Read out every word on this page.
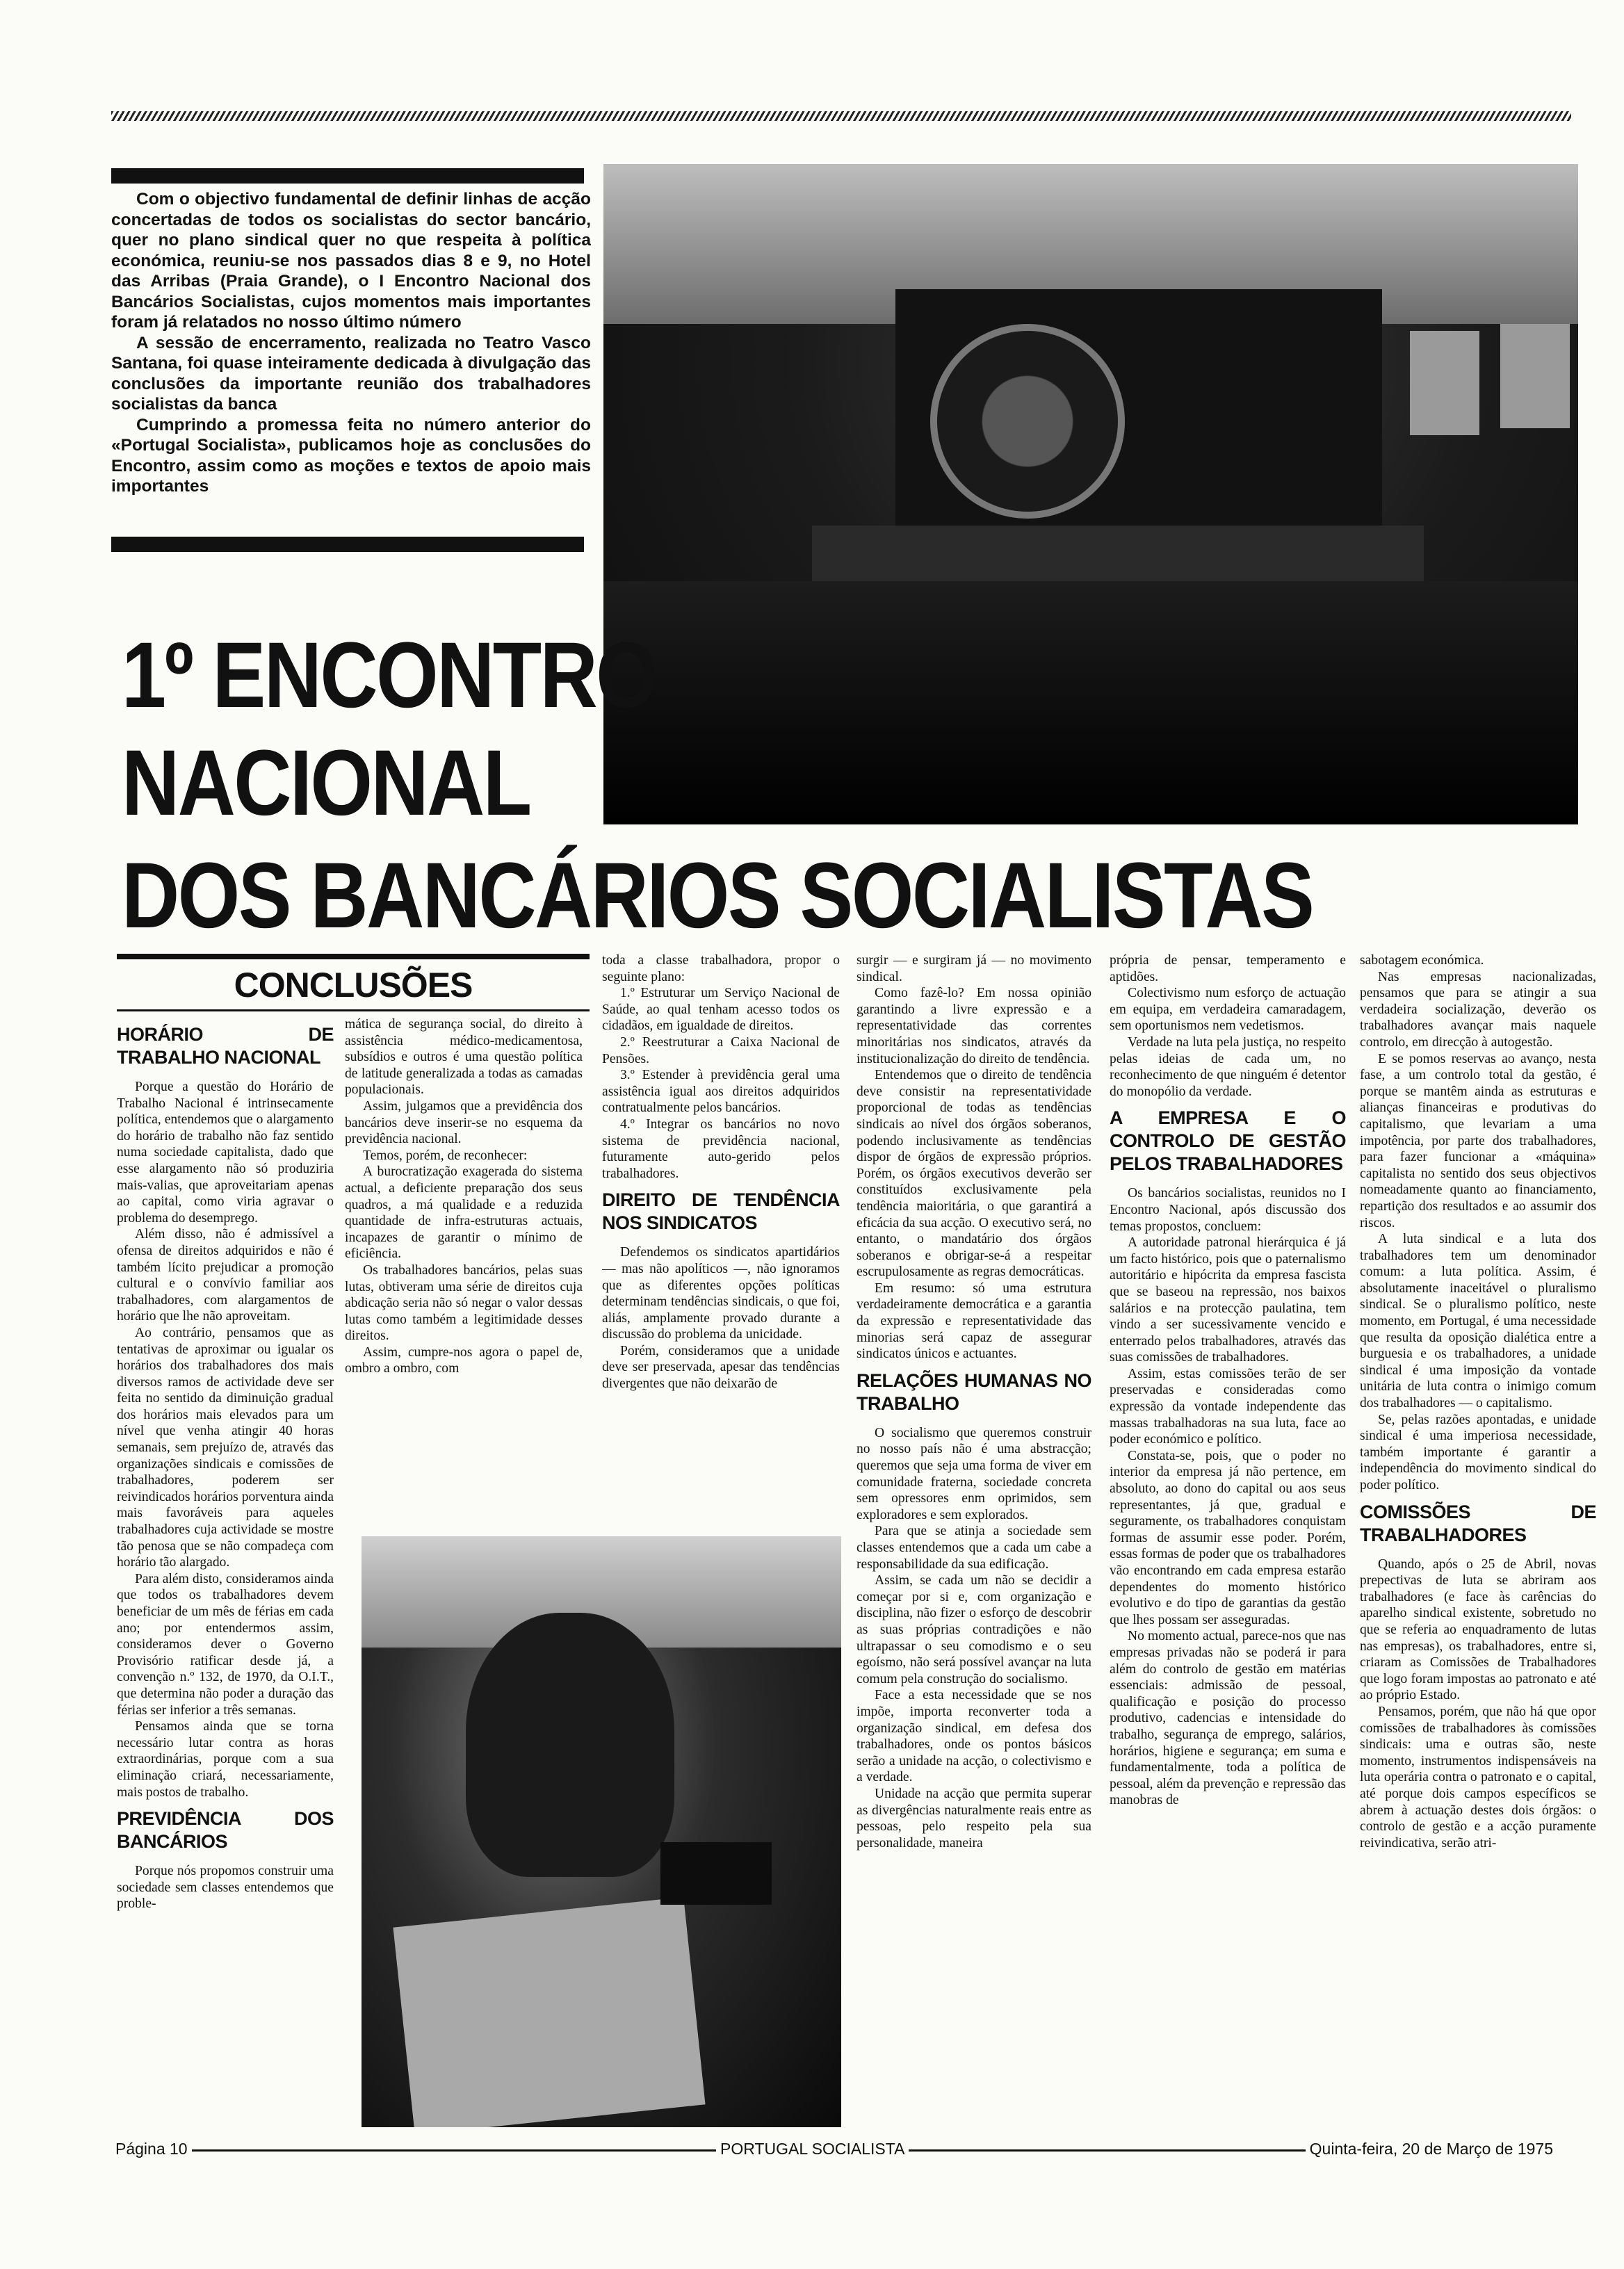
Com o objectivo fundamental de definir linhas de acção concertadas de todos os socialistas do sector bancário, quer no plano sindical quer no que respeita à política económica, reuniu-se nos passados dias 8 e 9, no Hotel das Arribas (Praia Grande), o I Encontro Nacional dos Bancários Socialistas, cujos momentos mais importantes foram já relatados no nosso último número

A sessão de encerramento, realizada no Teatro Vasco Santana, foi quase inteiramente dedicada à divulgação das conclusões da importante reunião dos trabalhadores socialistas da banca

Cumprindo a promessa feita no número anterior do «Portugal Socialista», publicamos hoje as conclusões do Encontro, assim como as moções e textos de apoio mais importantes

1º ENCONTRO
NACIONAL
DOS BANCÁRIOS SOCIALISTAS
CONCLUSÕES
HORÁRIO DE TRABALHO NACIONAL

Porque a questão do Horário de Trabalho Nacional é intrinsecamente política, entendemos que o alargamento do horário de trabalho não faz sentido numa sociedade capitalista, dado que esse alargamento não só produziria mais-valias, que aproveitariam apenas ao capital, como viria agravar o problema do desemprego.

Além disso, não é admissível a ofensa de direitos adquiridos e não é também lícito prejudicar a promoção cultural e o convívio familiar aos trabalhadores, com alargamentos de horário que lhe não aproveitam.

Ao contrário, pensamos que as tentativas de aproximar ou igualar os horários dos trabalhadores dos mais diversos ramos de actividade deve ser feita no sentido da diminuição gradual dos horários mais elevados para um nível que venha atingir 40 horas semanais, sem prejuízo de, através das organizações sindicais e comissões de trabalhadores, poderem ser reivindicados horários porventura ainda mais favoráveis para aqueles trabalhadores cuja actividade se mostre tão penosa que se não compadeça com horário tão alargado.

Para além disto, consideramos ainda que todos os trabalhadores devem beneficiar de um mês de férias em cada ano; por entendermos assim, consideramos dever o Governo Provisório ratificar desde já, a convenção n.º 132, de 1970, da O.I.T., que determina não poder a duração das férias ser inferior a três semanas.

Pensamos ainda que se torna necessário lutar contra as horas extraordinárias, porque com a sua eliminação criará, necessariamente, mais postos de trabalho.

PREVIDÊNCIA DOS BANCÁRIOS

Porque nós propomos construir uma sociedade sem classes entendemos que proble-

mática de segurança social, do direito à assistência médico-medicamentosa, subsídios e outros é uma questão política de latitude generalizada a todas as camadas populacionais.

Assim, julgamos que a previdência dos bancários deve inserir-se no esquema da previdência nacional.

Temos, porém, de reconhecer:

A burocratização exagerada do sistema actual, a deficiente preparação dos seus quadros, a má qualidade e a reduzida quantidade de infra-estruturas actuais, incapazes de garantir o mínimo de eficiência.

Os trabalhadores bancários, pelas suas lutas, obtiveram uma série de direitos cuja abdicação seria não só negar o valor dessas lutas como também a legitimidade desses direitos.

Assim, cumpre-nos agora o papel de, ombro a ombro, com

toda a classe trabalhadora, propor o seguinte plano:

1.º Estruturar um Serviço Nacional de Saúde, ao qual tenham acesso todos os cidadãos, em igualdade de direitos.

2.º Reestruturar a Caixa Nacional de Pensões.

3.º Estender à previdência geral uma assistência igual aos direitos adquiridos contratualmente pelos bancários.

4.º Integrar os bancários no novo sistema de previdência nacional, futuramente auto-gerido pelos trabalhadores.

DIREITO DE TENDÊNCIA NOS SINDICATOS

Defendemos os sindicatos apartidários — mas não apolíticos —, não ignoramos que as diferentes opções políticas determinam tendências sindicais, o que foi, aliás, amplamente provado durante a discussão do problema da unicidade.

Porém, consideramos que a unidade deve ser preservada, apesar das tendências divergentes que não deixarão de

surgir — e surgiram já — no movimento sindical.

Como fazê-lo? Em nossa opinião garantindo a livre expressão e a representatividade das correntes minoritárias nos sindicatos, através da institucionalização do direito de tendência.

Entendemos que o direito de tendência deve consistir na representatividade proporcional de todas as tendências sindicais ao nível dos órgãos soberanos, podendo inclusivamente as tendências dispor de órgãos de expressão próprios. Porém, os órgãos executivos deverão ser constituídos exclusivamente pela tendência maioritária, o que garantirá a eficácia da sua acção. O executivo será, no entanto, o mandatário dos órgãos soberanos e obrigar-se-á a respeitar escrupulosamente as regras democráticas.

Em resumo: só uma estrutura verdadeiramente democrática e a garantia da expressão e representatividade das minorias será capaz de assegurar sindicatos únicos e actuantes.

RELAÇÕES HUMANAS NO TRABALHO

O socialismo que queremos construir no nosso país não é uma abstracção; queremos que seja uma forma de viver em comunidade fraterna, sociedade concreta sem opressores enm oprimidos, sem exploradores e sem explorados.

Para que se atinja a sociedade sem classes entendemos que a cada um cabe a responsabilidade da sua edificação.

Assim, se cada um não se decidir a começar por si e, com organização e disciplina, não fizer o esforço de descobrir as suas próprias contradições e não ultrapassar o seu comodismo e o seu egoísmo, não será possível avançar na luta comum pela construção do socialismo.

Face a esta necessidade que se nos impõe, importa reconverter toda a organização sindical, em defesa dos trabalhadores, onde os pontos básicos serão a unidade na acção, o colectivismo e a verdade.

Unidade na acção que permita superar as divergências naturalmente reais entre as pessoas, pelo respeito pela sua personalidade, maneira

própria de pensar, temperamento e aptidões.

Colectivismo num esforço de actuação em equipa, em verdadeira camaradagem, sem oportunismos nem vedetismos.

Verdade na luta pela justiça, no respeito pelas ideias de cada um, no reconhecimento de que ninguém é detentor do monopólio da verdade.

A EMPRESA E O CONTROLO DE GESTÃO PELOS TRABALHADORES

Os bancários socialistas, reunidos no I Encontro Nacional, após discussão dos temas propostos, concluem:

A autoridade patronal hierárquica é já um facto histórico, pois que o paternalismo autoritário e hipócrita da empresa fascista que se baseou na repressão, nos baixos salários e na protecção paulatina, tem vindo a ser sucessivamente vencido e enterrado pelos trabalhadores, através das suas comissões de trabalhadores.

Assim, estas comissões terão de ser preservadas e consideradas como expressão da vontade independente das massas trabalhadoras na sua luta, face ao poder económico e político.

Constata-se, pois, que o poder no interior da empresa já não pertence, em absoluto, ao dono do capital ou aos seus representantes, já que, gradual e seguramente, os trabalhadores conquistam formas de assumir esse poder. Porém, essas formas de poder que os trabalhadores vão encontrando em cada empresa estarão dependentes do momento histórico evolutivo e do tipo de garantias da gestão que lhes possam ser asseguradas.

No momento actual, parece-nos que nas empresas privadas não se poderá ir para além do controlo de gestão em matérias essenciais: admissão de pessoal, qualificação e posição do processo produtivo, cadencias e intensidade do trabalho, segurança de emprego, salários, horários, higiene e segurança; em suma e fundamentalmente, toda a política de pessoal, além da prevenção e repressão das manobras de

sabotagem económica.

Nas empresas nacionalizadas, pensamos que para se atingir a sua verdadeira socialização, deverão os trabalhadores avançar mais naquele controlo, em direcção à autogestão.

E se pomos reservas ao avanço, nesta fase, a um controlo total da gestão, é porque se mantêm ainda as estruturas e alianças financeiras e produtivas do capitalismo, que levariam a uma impotência, por parte dos trabalhadores, para fazer funcionar a «máquina» capitalista no sentido dos seus objectivos nomeadamente quanto ao financiamento, repartição dos resultados e ao assumir dos riscos.

A luta sindical e a luta dos trabalhadores tem um denominador comum: a luta política. Assim, é absolutamente inaceitável o pluralismo sindical. Se o pluralismo político, neste momento, em Portugal, é uma necessidade que resulta da oposição dialética entre a burguesia e os trabalhadores, a unidade sindical é uma imposição da vontade unitária de luta contra o inimigo comum dos trabalhadores — o capitalismo.

Se, pelas razões apontadas, e unidade sindical é uma imperiosa necessidade, também importante é garantir a independência do movimento sindical do poder político.

COMISSÕES DE TRABALHADORES

Quando, após o 25 de Abril, novas prepectivas de luta se abriram aos trabalhadores (e face às carências do aparelho sindical existente, sobretudo no que se referia ao enquadramento de lutas nas empresas), os trabalhadores, entre si, criaram as Comissões de Trabalhadores que logo foram impostas ao patronato e até ao próprio Estado.

Pensamos, porém, que não há que opor comissões de trabalhadores às comissões sindicais: uma e outras são, neste momento, instrumentos indispensáveis na luta operária contra o patronato e o capital, até porque dois campos específicos se abrem à actuação destes dois órgãos: o controlo de gestão e a acção puramente reivindicativa, serão atri-

Página 10	PORTUGAL SOCIALISTA	Quinta-feira, 20 de Março de 1975
